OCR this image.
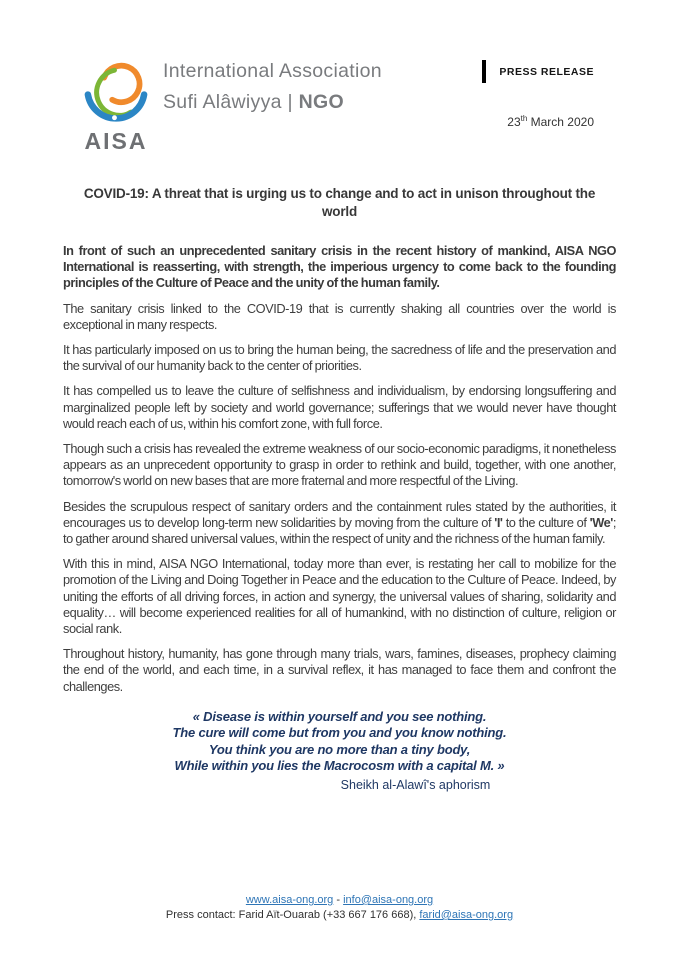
AISA
International Association
Sufi Alâwiyya | NGO
PRESS RELEASE
23th March 2020
COVID-19: A threat that is urging us to change and to act in unison throughout the world

In front of such an unprecedented sanitary crisis in the recent history of mankind, AISA NGO International is reasserting, with strength, the imperious urgency to come back to the founding principles of the Culture of Peace and the unity of the human family.

The sanitary crisis linked to the COVID-19 that is currently shaking all countries over the world is exceptional in many respects.

It has particularly imposed on us to bring the human being, the sacredness of life and the preservation and the survival of our humanity back to the center of priorities.

It has compelled us to leave the culture of selfishness and individualism, by endorsing longsuffering and marginalized people left by society and world governance; sufferings that we would never have thought would reach each of us, within his comfort zone, with full force.

Though such a crisis has revealed the extreme weakness of our socio-economic paradigms, it nonetheless appears as an unprecedent opportunity to grasp in order to rethink and build, together, with one another, tomorrow's world on new bases that are more fraternal and more respectful of the Living.

Besides the scrupulous respect of sanitary orders and the containment rules stated by the authorities, it encourages us to develop long-term new solidarities by moving from the culture of 'I' to the culture of 'We'; to gather around shared universal values, within the respect of unity and the richness of the human family.

With this in mind, AISA NGO International, today more than ever, is restating her call to mobilize for the promotion of the Living and Doing Together in Peace and the education to the Culture of Peace. Indeed, by uniting the efforts of all driving forces, in action and synergy, the universal values of sharing, solidarity and equality… will become experienced realities for all of humankind, with no distinction of culture, religion or social rank.

Throughout history, humanity, has gone through many trials, wars, famines, diseases, prophecy claiming the end of the world, and each time, in a survival reflex, it has managed to face them and confront the challenges.

« Disease is within yourself and you see nothing.
The cure will come but from you and you know nothing.
You think you are no more than a tiny body,
While within you lies the Macrocosm with a capital M. »
Sheikh al-Alawî's aphorism
www.aisa-ong.org - info@aisa-ong.org
Press contact: Farid Aït-Ouarab (+33 667 176 668), farid@aisa-ong.org
